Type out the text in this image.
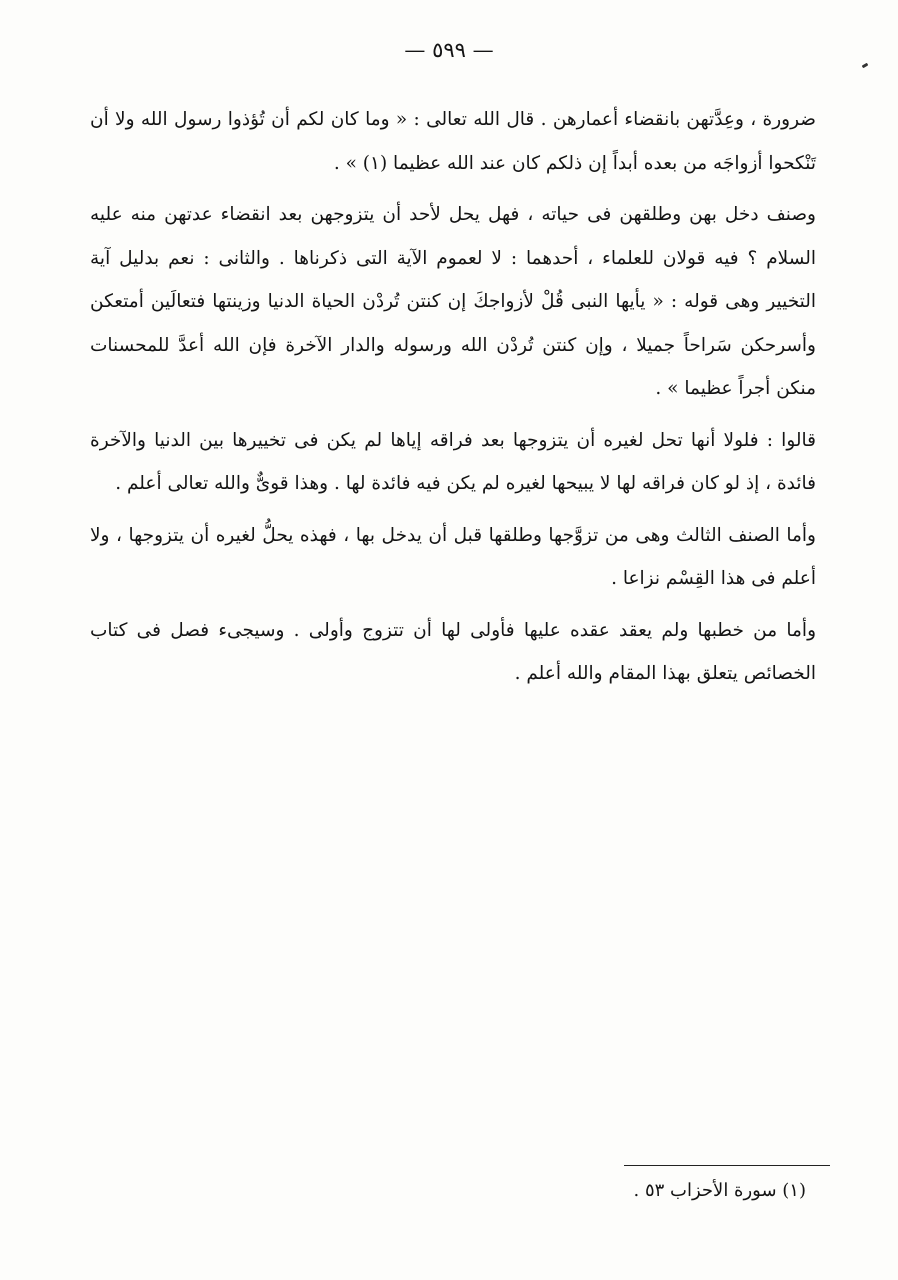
— ٥٩٩ —

ضرورة ، وعِدَّتهن بانقضاء أعمارهن . قال الله تعالى : « وما كان لكم أن تُؤذوا رسول الله ولا أن تَنْكحوا أزواجَه من بعده أبداً إن ذلكم كان عند الله عظيما (١) » .

وصنف دخل بهن وطلقهن فى حياته ، فهل يحل لأحد أن يتزوجهن بعد انقضاء عدتهن منه عليه السلام ؟ فيه قولان للعلماء ، أحدهما : لا لعموم الآية التى ذكرناها . والثانى : نعم بدليل آية التخيير وهى قوله : « يأيها النبى قُلْ لأزواجكَ إن كنتن تُردْن الحياة الدنيا وزينتها فتعالَين أمتعكن وأسرحكن سَراحاً جميلا ، وإن كنتن تُردْن الله ورسوله والدار الآخرة فإن الله أعدَّ للمحسنات منكن أجراً عظيما » .

قالوا : فلولا أنها تحل لغيره أن يتزوجها بعد فراقه إياها لم يكن فى تخييرها بين الدنيا والآخرة فائدة ، إذ لو كان فراقه لها لا يبيحها لغيره لم يكن فيه فائدة لها . وهذا قوىٌّ والله تعالى أعلم .

وأما الصنف الثالث وهى من تزوَّجها وطلقها قبل أن يدخل بها ، فهذه يحلُّ لغيره أن يتزوجها ، ولا أعلم فى هذا القِسْم نزاعا .

وأما من خطبها ولم يعقد عقده عليها فأولى لها أن تتزوج وأولى . وسيجىء فصل فى كتاب الخصائص يتعلق بهذا المقام والله أعلم .

(١) سورة الأحزاب ٥٣ .
